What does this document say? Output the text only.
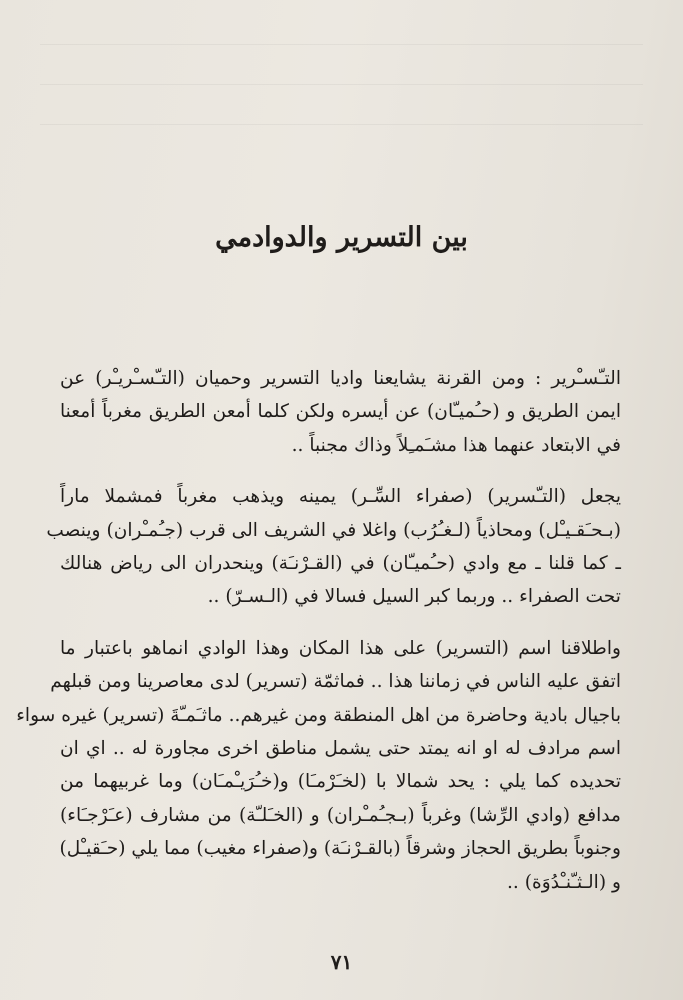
بين التسرير والدوادمي

التـّسـْرير : ومن القرنة يشايعنا واديا التسرير وحميان (التـّسـْريـْر) عن
ايمن الطريق و (حـُميـّان) عن أيسره ولكن كلما أمعن الطريق مغرباً أمعنا
في الابتعاد عنهما هذا مشـَمـِلاً وذاك مجنباً ..

يجعل (التـّسرير) (صفراء السِّـر) يمينه ويذهب مغرباً فمشملا ماراً
(بـحـَقـيـْل) ومحاذياً (لـغـُرُب) واغلا في الشريف الى قرب (جـُمـْران) وينصب
ـ كما قلنا ـ مع وادي (حـُميـّان) في (القـرْنـَة) وينحدران الى رياض هنالك
تحت الصفراء .. وربما كبر السيل فسالا في (الـسـرّ) ..

واطلاقنا اسم (التسرير) على هذا المكان وهذا الوادي انماهو باعتبار ما
اتفق عليه الناس في زماننا هذا .. فماثمّة (تسرير) لدى معاصرينا ومن قبلهم
باجيال بادية وحاضرة من اهل المنطقة ومن غيرهم.. ماثـَمـّةَ (تسرير) غيره سواء
اسم مرادف له او انه يمتد حتى يشمل مناطق اخرى مجاورة له .. اي ان
تحديده كما يلي : يحد شمالا با (لخـَرْمـَا) و(خـُرَيـْمـَان) وما غربيهما من
مدافع (وادي الرِّشا) وغرباً (بـجـُمـْران) و (الخـَلـّة) من مشارف (عـَرْجـَاء)
وجنوباً بطريق الحجاز وشرقاً (بالقـرْنـَة) و(صفراء مغيب) مما يلي (حـَقيـْل)
و (الـثـّنـْدُوَة) ..

٧١
